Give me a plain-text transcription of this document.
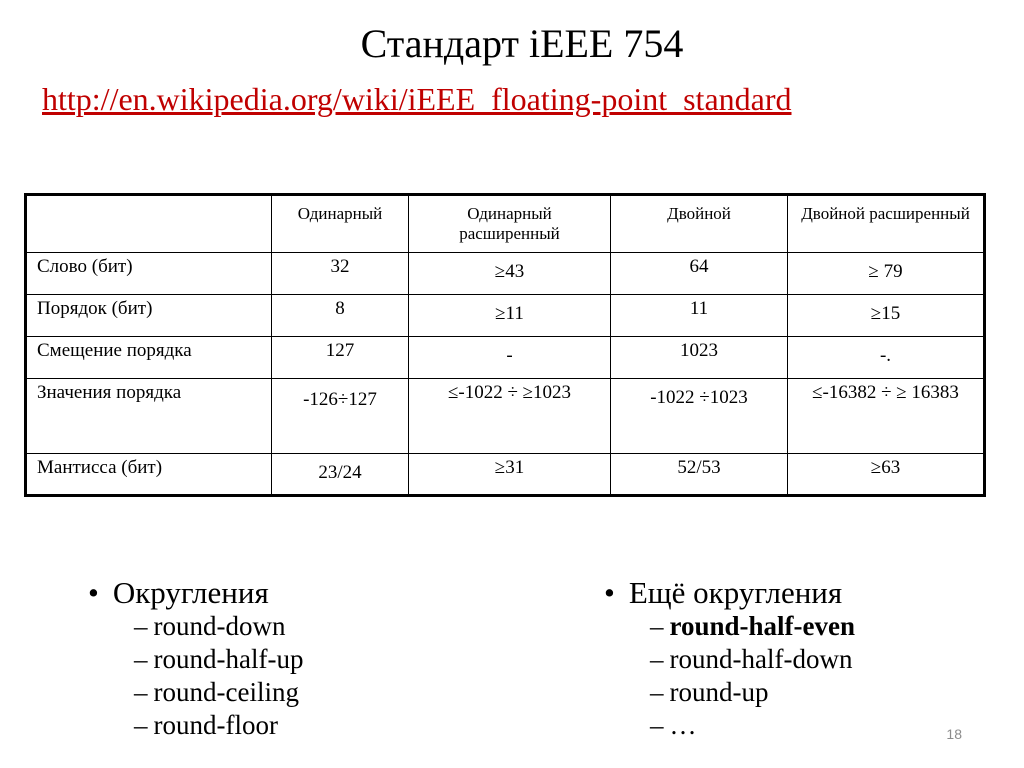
Стандарт iEEE 754
http://en.wikipedia.org/wiki/iEEE_floating-point_standard
	Одинарный	Одинарный расширенный	Двойной	Двойной расширенный
Слово (бит)	32	≥43	64	≥ 79
Порядок (бит)	8	≥11	11	≥15
Смещение порядка	127	-	1023	-.
Значения порядка	-126÷127	≤-1022 ÷ ≥1023	-1022 ÷1023	≤-16382 ÷ ≥ 16383
Мантисса (бит)	23/24	≥31	52/53	≥63
• Округления
– round-down
– round-half-up
– round-ceiling
– round-floor
• Ещё округления
– round-half-even
– round-half-down
– round-up
– …	18
